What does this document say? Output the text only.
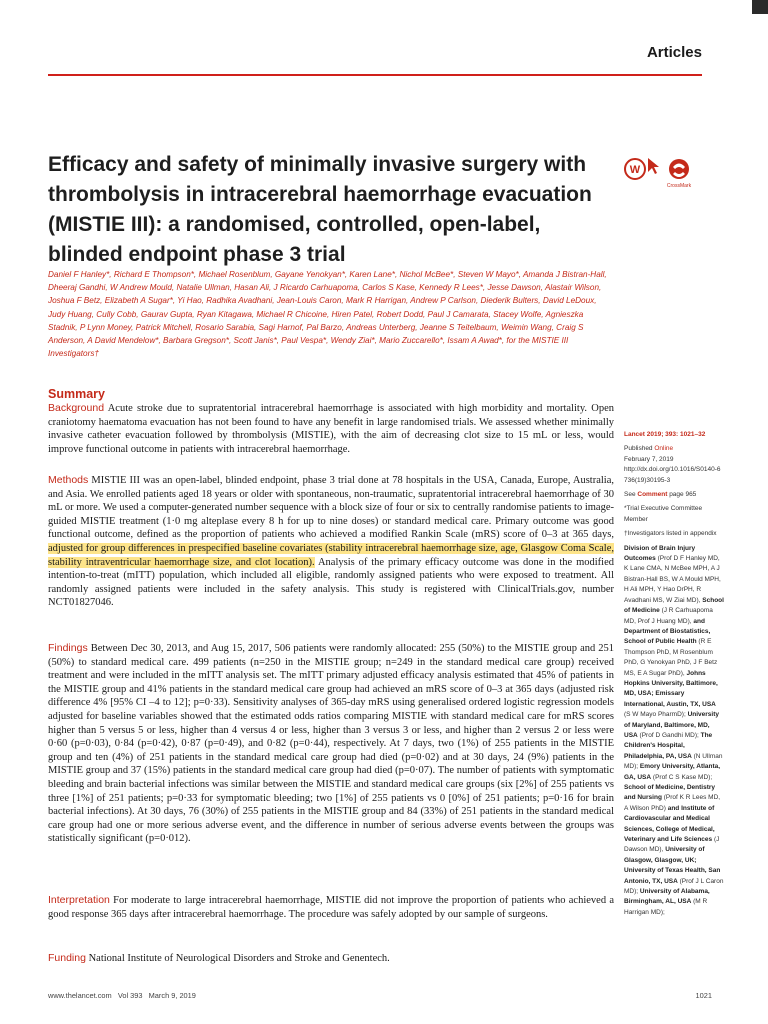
Articles
Efficacy and safety of minimally invasive surgery with thrombolysis in intracerebral haemorrhage evacuation (MISTIE III): a randomised, controlled, open-label, blinded endpoint phase 3 trial
W
CrossMark
Daniel F Hanley*, Richard E Thompson*, Michael Rosenblum, Gayane Yenokyan*, Karen Lane*, Nichol McBee*, Steven W Mayo*, Amanda J Bistran-Hall, Dheeraj Gandhi, W Andrew Mould, Natalie Ullman, Hasan Ali, J Ricardo Carhuapoma, Carlos S Kase, Kennedy R Lees*, Jesse Dawson, Alastair Wilson, Joshua F Betz, Elizabeth A Sugar*, Yi Hao, Radhika Avadhani, Jean-Louis Caron, Mark R Harrigan, Andrew P Carlson, Diederik Bulters, David LeDoux, Judy Huang, Cully Cobb, Gaurav Gupta, Ryan Kitagawa, Michael R Chicoine, Hiren Patel, Robert Dodd, Paul J Camarata, Stacey Wolfe, Agnieszka Stadnik, P Lynn Money, Patrick Mitchell, Rosario Sarabia, Sagi Harnof, Pal Barzo, Andreas Unterberg, Jeanne S Teitelbaum, Weimin Wang, Craig S Anderson, A David Mendelow*, Barbara Gregson*, Scott Janis*, Paul Vespa*, Wendy Ziai*, Mario Zuccarello*, Issam A Awad*, for the MISTIE III Investigators†
Summary
Background Acute stroke due to supratentorial intracerebral haemorrhage is associated with high morbidity and mortality. Open craniotomy haematoma evacuation has not been found to have any benefit in large randomised trials. We assessed whether minimally invasive catheter evacuation followed by thrombolysis (MISTIE), with the aim of decreasing clot size to 15 mL or less, would improve functional outcome in patients with intracerebral haemorrhage.
Methods MISTIE III was an open-label, blinded endpoint, phase 3 trial done at 78 hospitals in the USA, Canada, Europe, Australia, and Asia. We enrolled patients aged 18 years or older with spontaneous, non-traumatic, supratentorial intracerebral haemorrhage of 30 mL or more. We used a computer-generated number sequence with a block size of four or six to centrally randomise patients to image-guided MISTIE treatment (1·0 mg alteplase every 8 h for up to nine doses) or standard medical care. Primary outcome was good functional outcome, defined as the proportion of patients who achieved a modified Rankin Scale (mRS) score of 0–3 at 365 days, adjusted for group differences in prespecified baseline covariates (stability intracerebral haemorrhage size, age, Glasgow Coma Scale, stability intraventricular haemorrhage size, and clot location). Analysis of the primary efficacy outcome was done in the modified intention-to-treat (mITT) population, which included all eligible, randomly assigned patients who were exposed to treatment. All randomly assigned patients were included in the safety analysis. This study is registered with ClinicalTrials.gov, number NCT01827046.
Findings Between Dec 30, 2013, and Aug 15, 2017, 506 patients were randomly allocated: 255 (50%) to the MISTIE group and 251 (50%) to standard medical care. 499 patients (n=250 in the MISTIE group; n=249 in the standard medical care group) received treatment and were included in the mITT analysis set. The mITT primary adjusted efficacy analysis estimated that 45% of patients in the MISTIE group and 41% patients in the standard medical care group had achieved an mRS score of 0–3 at 365 days (adjusted risk difference 4% [95% CI –4 to 12]; p=0·33). Sensitivity analyses of 365-day mRS using generalised ordered logistic regression models adjusted for baseline variables showed that the estimated odds ratios comparing MISTIE with standard medical care for mRS scores higher than 5 versus 5 or less, higher than 4 versus 4 or less, higher than 3 versus 3 or less, and higher than 2 versus 2 or less were 0·60 (p=0·03), 0·84 (p=0·42), 0·87 (p=0·49), and 0·82 (p=0·44), respectively. At 7 days, two (1%) of 255 patients in the MISTIE group and ten (4%) of 251 patients in the standard medical care group had died (p=0·02) and at 30 days, 24 (9%) patients in the MISTIE group and 37 (15%) patients in the standard medical care group had died (p=0·07). The number of patients with symptomatic bleeding and brain bacterial infections was similar between the MISTIE and standard medical care groups (six [2%] of 255 patients vs three [1%] of 251 patients; p=0·33 for symptomatic bleeding; two [1%] of 255 patients vs 0 [0%] of 251 patients; p=0·16 for brain bacterial infections). At 30 days, 76 (30%) of 255 patients in the MISTIE group and 84 (33%) of 251 patients in the standard medical care group had one or more serious adverse event, and the difference in number of serious adverse events between the groups was statistically significant (p=0·012).
Interpretation For moderate to large intracerebral haemorrhage, MISTIE did not improve the proportion of patients who achieved a good response 365 days after intracerebral haemorrhage. The procedure was safely adopted by our sample of surgeons.
Funding National Institute of Neurological Disorders and Stroke and Genentech.

Lancet 2019; 393: 1021–32

Published Online
February 7, 2019
http://dx.doi.org/10.1016/S0140-6736(19)30195-3

See Comment page 965

*Trial Executive Committee Member

†Investigators listed in appendix

Division of Brain Injury Outcomes (Prof D F Hanley MD, K Lane CMA, N McBee MPH, A J Bistran-Hall BS, W A Mould MPH, H Ali MPH, Y Hao DrPH, R Avadhani MS, W Ziai MD), School of Medicine (J R Carhuapoma MD, Prof J Huang MD), and Department of Biostatistics, School of Public Health (R E Thompson PhD, M Rosenblum PhD, G Yenokyan PhD, J F Betz MS, E A Sugar PhD), Johns Hopkins University, Baltimore, MD, USA; Emissary International, Austin, TX, USA (S W Mayo PharmD); University of Maryland, Baltimore, MD, USA (Prof D Gandhi MD); The Children's Hospital, Philadelphia, PA, USA (N Ullman MD); Emory University, Atlanta, GA, USA (Prof C S Kase MD); School of Medicine, Dentistry and Nursing (Prof K R Lees MD, A Wilson PhD) and Institute of Cardiovascular and Medical Sciences, College of Medical, Veterinary and Life Sciences (J Dawson MD), University of Glasgow, Glasgow, UK; University of Texas Health, San Antonio, TX, USA (Prof J L Caron MD); University of Alabama, Birmingham, AL, USA (M R Harrigan MD);

www.thelancet.com   Vol 393   March 9, 2019	1021
